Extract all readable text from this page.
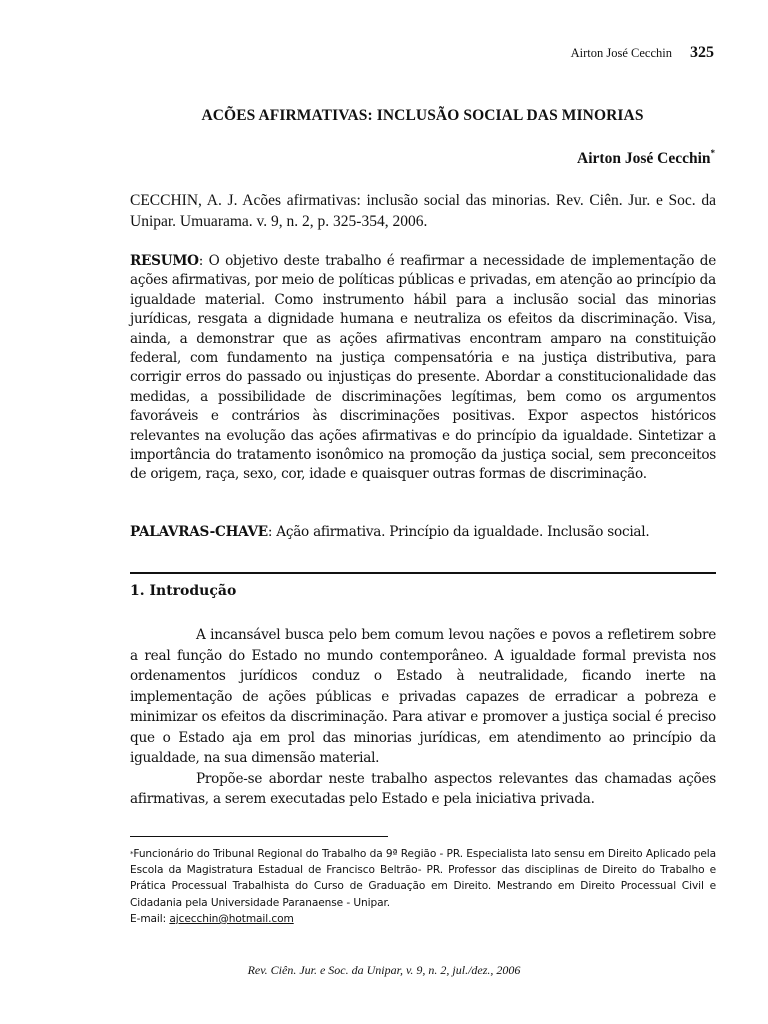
Airton José Cecchin 325
ACÕES AFIRMATIVAS: INCLUSÃO SOCIAL DAS MINORIAS
Airton José Cecchin*
CECCHIN, A. J. Acões afirmativas: inclusão social das minorias. Rev. Ciên. Jur. e Soc. da Unipar. Umuarama. v. 9, n. 2, p. 325-354, 2006.
RESUMO: O objetivo deste trabalho é reafirmar a necessidade de implementação de ações afirmativas, por meio de políticas públicas e privadas, em atenção ao princípio da igualdade material. Como instrumento hábil para a inclusão social das minorias jurídicas, resgata a dignidade humana e neutraliza os efeitos da discriminação. Visa, ainda, a demonstrar que as ações afirmativas encontram amparo na constituição federal, com fundamento na justiça compensatória e na justiça distributiva, para corrigir erros do passado ou injustiças do presente. Abordar a constitucionalidade das medidas, a possibilidade de discriminações legítimas, bem como os argumentos favoráveis e contrários às discriminações positivas. Expor aspectos históricos relevantes na evolução das ações afirmativas e do princípio da igualdade. Sintetizar a importância do tratamento isonômico na promoção da justiça social, sem preconceitos de origem, raça, sexo, cor, idade e quaisquer outras formas de discriminação.
PALAVRAS-CHAVE: Ação afirmativa. Princípio da igualdade. Inclusão social.
1. Introdução

A incansável busca pelo bem comum levou nações e povos a refletirem sobre a real função do Estado no mundo contemporâneo. A igualdade formal prevista nos ordenamentos jurídicos conduz o Estado à neutralidade, ficando inerte na implementação de ações públicas e privadas capazes de erradicar a pobreza e minimizar os efeitos da discriminação. Para ativar e promover a justiça social é preciso que o Estado aja em prol das minorias jurídicas, em atendimento ao princípio da igualdade, na sua dimensão material.

Propõe-se abordar neste trabalho aspectos relevantes das chamadas ações afirmativas, a serem executadas pelo Estado e pela iniciativa privada.

*Funcionário do Tribunal Regional do Trabalho da 9ª Região - PR. Especialista lato sensu em Direito Aplicado pela Escola da Magistratura Estadual de Francisco Beltrão- PR. Professor das disciplinas de Direito do Trabalho e Prática Processual Trabalhista do Curso de Graduação em Direito. Mestrando em Direito Processual Civil e Cidadania pela Universidade Paranaense - Unipar.
E-mail: ajcecchin@hotmail.com
Rev. Ciên. Jur. e Soc. da Unipar, v. 9, n. 2, jul./dez., 2006
